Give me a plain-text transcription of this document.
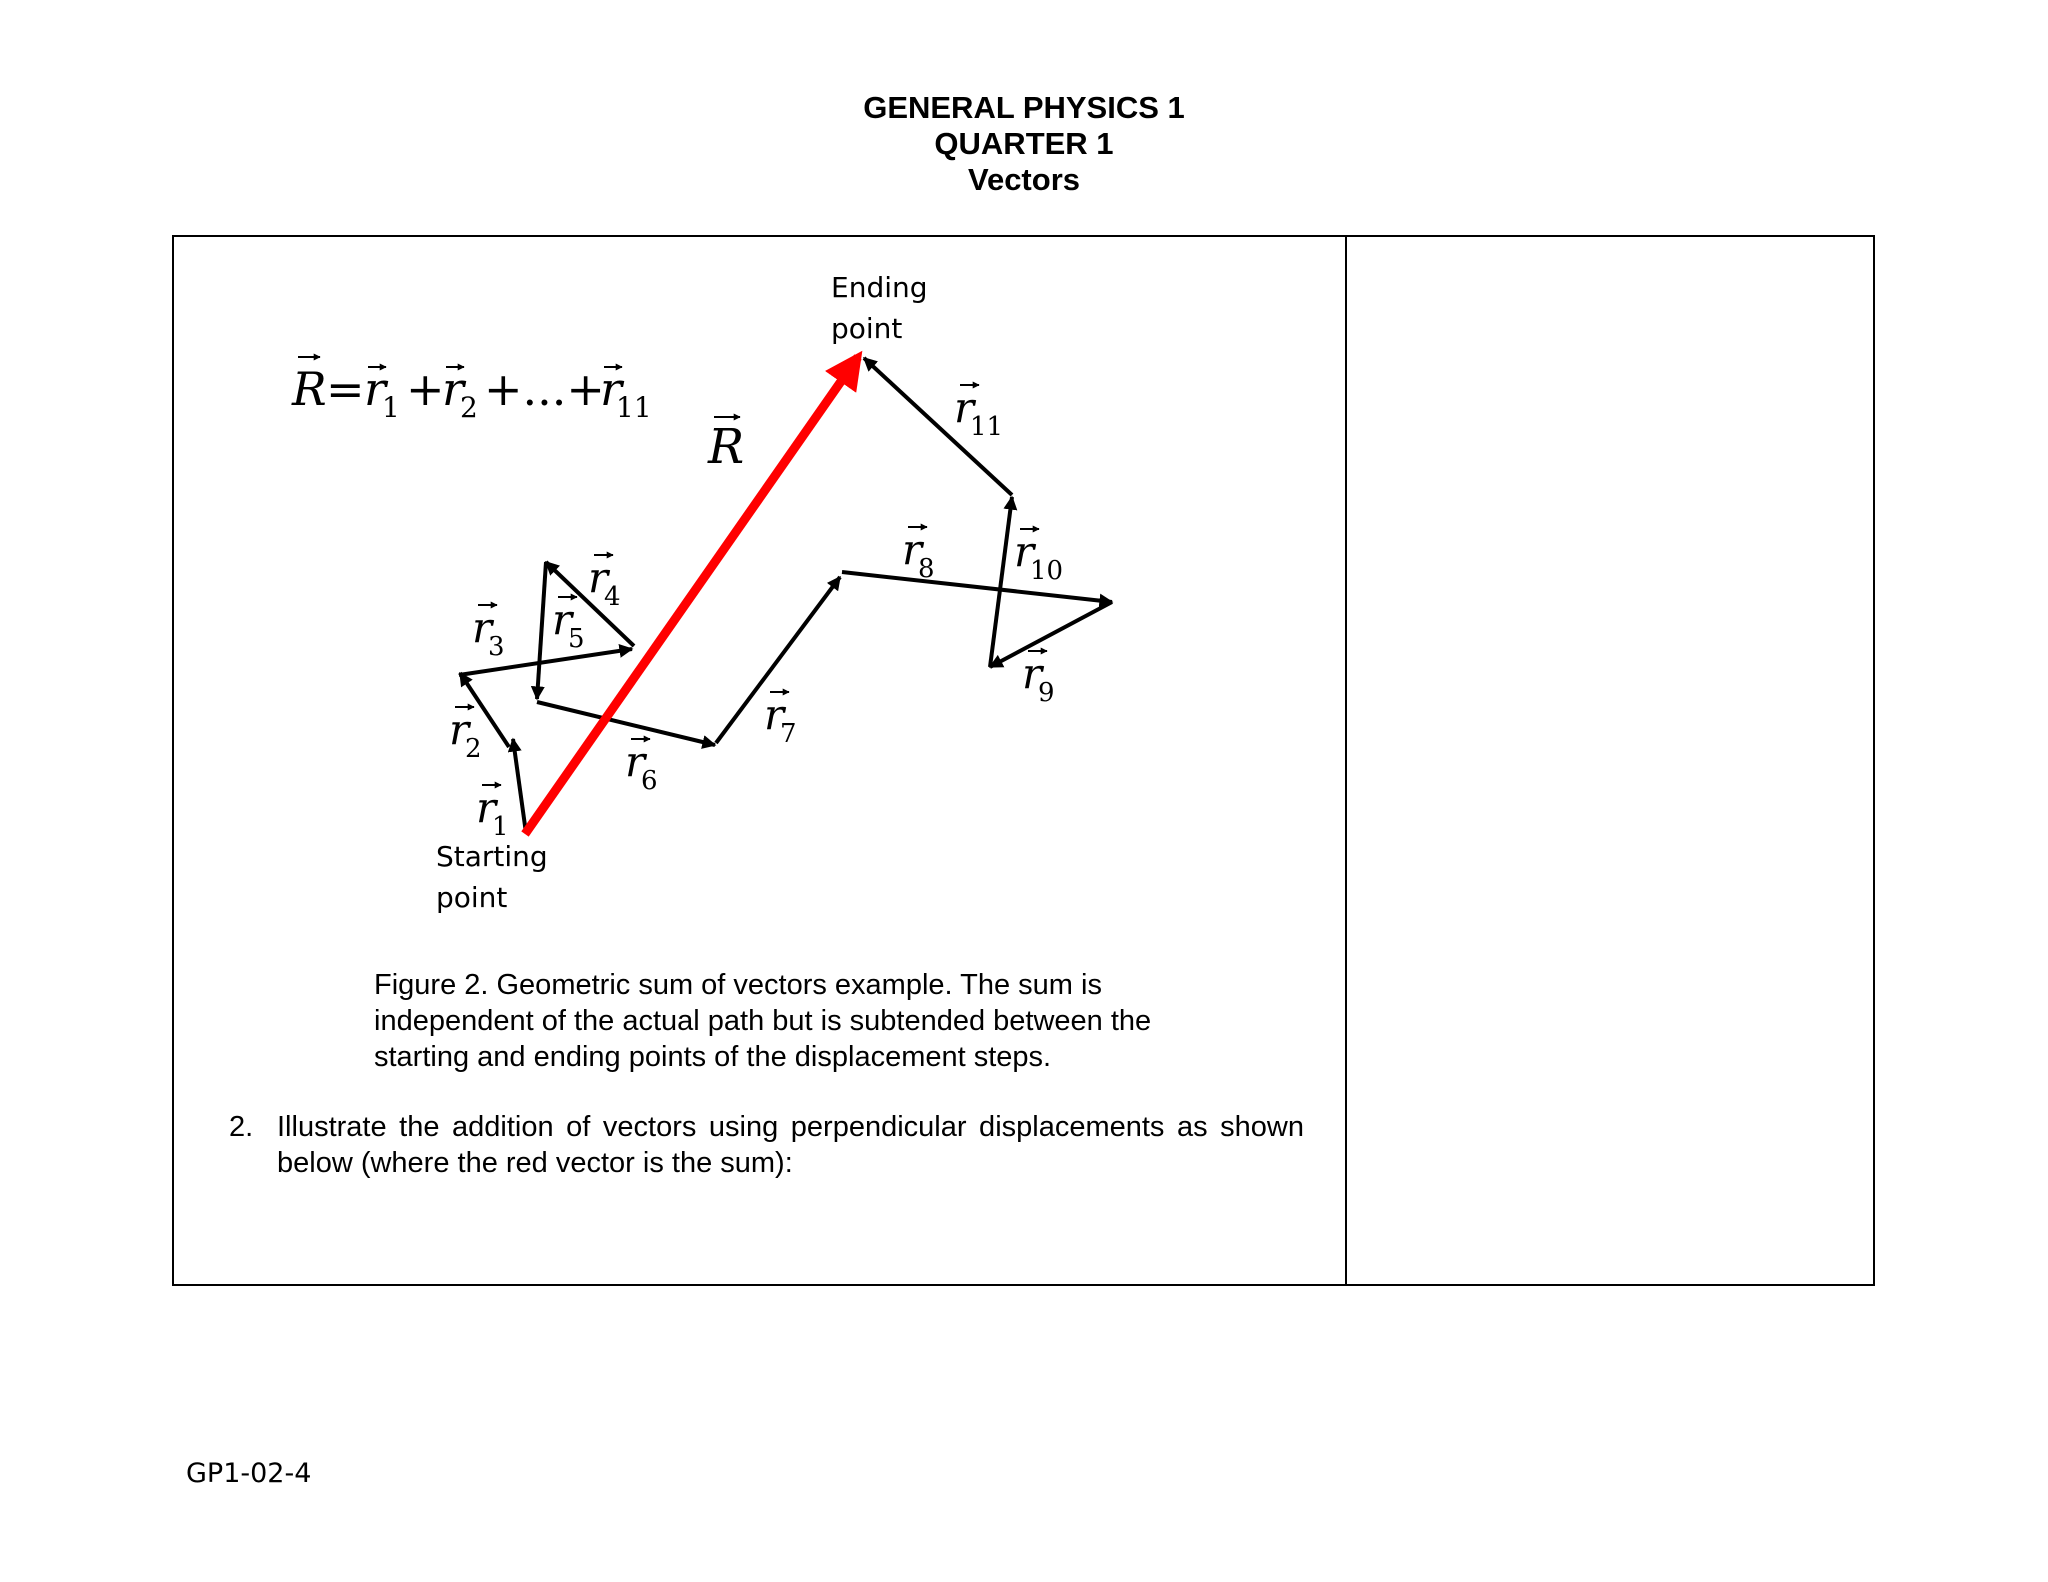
GENERAL PHYSICS 1
QUARTER 1
Vectors
R = r
1 +
r
2 +...+
r
11
R
r
1
r
2
r
3
r
4
r
5
r
6
r
7
r
8
r
9
r
10
r
11
Ending
point
Starting
point
Figure 2. Geometric sum of vectors example. The sum is independent of the actual path but is subtended between the starting and ending points of the displacement steps.
2. Illustrate the addition of vectors using perpendicular displacements as shown below (where the red vector is the sum):
GP1-02-4
